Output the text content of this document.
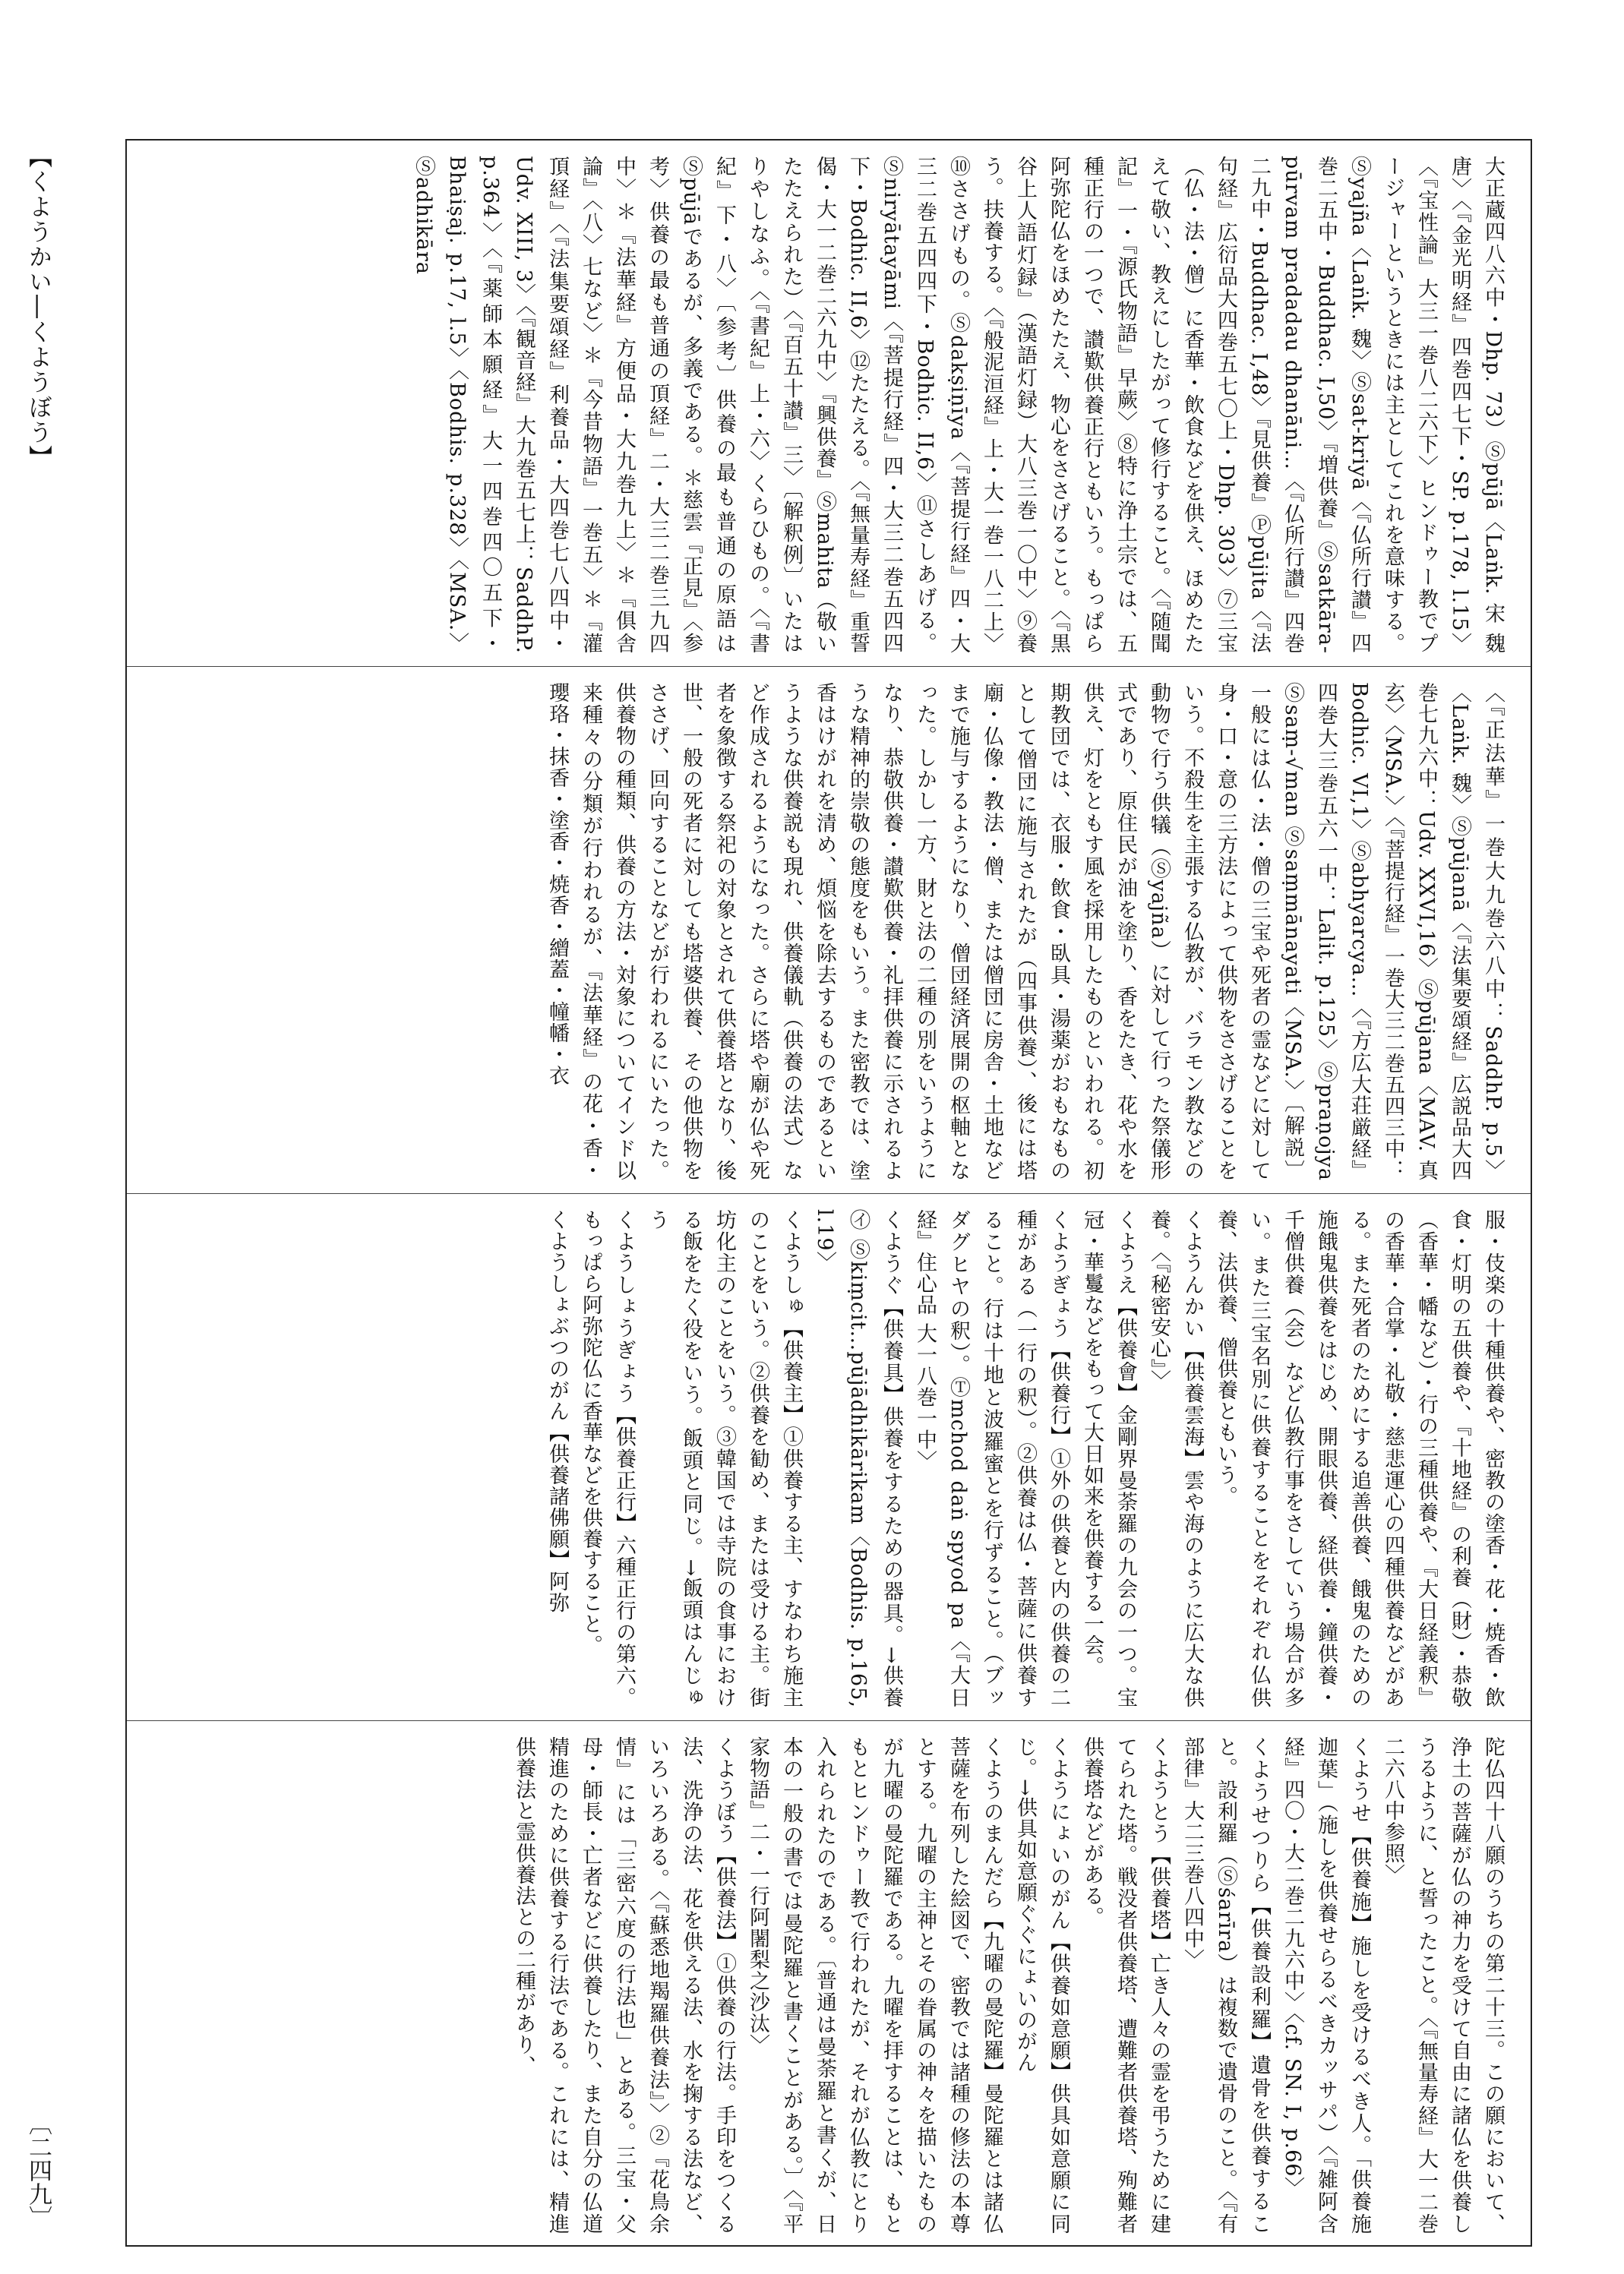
【くようかい―くようぼう】
〔二四九〕

大正蔵四八六中・Dhp. 73）Ⓢpūjā〈Laṅk. 宋 魏 唐〉〈『金光明経』四巻四七下・SP. p.178, l.15〉〈『宝性論』大三一巻八二六下〉ヒンドゥー教でプージャーというときには主としてこれを意味する。Ⓢyajña〈Laṅk. 魏〉Ⓢsat-kriyā〈『仏所行讃』四巻二五中・Buddhac. I,50〉『増供養』Ⓢsatkāra-pūrvam pradadau dhanāni…〈『仏所行讃』四巻二九中・Buddhac. I,48〉『見供養』Ⓟpūjita〈『法句経』広衍品大四巻五七〇上・Dhp. 303〉⑦三宝（仏・法・僧）に香華・飲食などを供え、ほめたたえて敬い、教えにしたがって修行すること。〈『随聞記』一・『源氏物語』早蕨〉⑧特に浄土宗では、五種正行の一つで、讃歎供養正行ともいう。もっぱら阿弥陀仏をほめたたえ、物心をささげること。〈『黒谷上人語灯録』（漢語灯録）大八三巻一〇中〉⑨養う。扶養する。〈『般泥洹経』上・大一巻一八二上〉⑩ささげもの。Ⓢdakṣiṇīya〈『菩提行経』四・大三二巻五四四下・Bodhic. II,6〉⑪さしあげる。Ⓢniryātayāmi〈『菩提行経』四・大三二巻五四四下・Bodhic. II,6〉⑫たたえる。〈『無量寿経』重誓偈・大一二巻二六九中〉『興供養』Ⓢmahita（敬いたたえられた）〈『百五十讃』三〉〔解釈例〕いたはりやしなふ。〈『書紀』上・六〉くらひもの。〈『書紀』下・八〉〔参考〕供養の最も普通の原語はⓈpūjāであるが、多義である。＊慈雲『正見』〈参考〉供養の最も普通の頂経』二・大三二巻三九四中〉＊『法華経』方便品・大九巻九上〉＊『俱舎論』〈八〉七など〉＊『今昔物語』一巻五〉＊『灌頂経』〈『法集要頌経』利養品・大四巻七八四中・Udv. XIII, 3〉〈『観音経』大九巻五七上：SaddhP. p.364〉〈『薬師本願経』大一四巻四〇五下・Bhaiṣaj. p.17, l.5〉〈Bodhis. p.328〉〈MSA.〉Ⓢadhikāra

〈『正法華』一巻大九巻六八中：SaddhP. p.5〉〈Laṅk. 魏〉Ⓢpūjanā〈『法集要頌経』広説品大四巻七九六中：Udv. XXVI,16〉Ⓢpūjana〈MAV. 真 玄〉〈MSA.〉〈『菩提行経』一巻大三二巻五四三中：Bodhic. VI,1〉Ⓢabhyarcya…〈『方広大荘厳経』四巻大三巻五六一中：Lalit. p.125〉Ⓢpraṇojya Ⓢsaṃ-√man Ⓢsaṃmānayati〈MSA.〉〔解説〕一般には仏・法・僧の三宝や死者の霊などに対して身・口・意の三方法によって供物をささげることをいう。不殺生を主張する仏教が、バラモン教などの動物で行う供犠（Ⓢyajña）に対して行った祭儀形式であり、原住民が油を塗り、香をたき、花や水を供え、灯をともす風を採用したものといわれる。初期教団では、衣服・飲食・臥具・湯薬がおもなものとして僧団に施与されたが（四事供養）、後には塔廟・仏像・教法・僧、または僧団に房舎・土地などまで施与するようになり、僧団経済展開の枢軸となった。しかし一方、財と法の二種の別をいうようになり、恭敬供養・讃歎供養・礼拝供養に示されるような精神的崇敬の態度をもいう。また密教では、塗香はけがれを清め、煩悩を除去するものであるというような供養説も現れ、供養儀軌（供養の法式）など作成されるようになった。さらに塔や廟が仏や死者を象徴する祭祀の対象とされて供養塔となり、後世、一般の死者に対しても塔婆供養、その他供物をささげ、回向することなどが行われるにいたった。供養物の種類、供養の方法・対象についてインド以来種々の分類が行われるが、『法華経』の花・香・瓔珞・抹香・塗香・焼香・繒蓋・幢幡・衣

服・伎楽の十種供養や、密教の塗香・花・焼香・飲食・灯明の五供養や、『十地経』の利養（財）・恭敬（香華・幡など）・行の三種供養や、『大日経義釈』の香華・合掌・礼敬・慈悲運心の四種供養などがある。また死者のためにする追善供養、餓鬼のための施餓鬼供養をはじめ、開眼供養、経供養・鐘供養・千僧供養（会）など仏教行事をさしていう場合が多い。また三宝名別に供養することをそれぞれ仏供養、法供養、僧供養ともいう。

くようんかい【供養雲海】雲や海のように広大な供養。〈『秘密安心』〉

くようえ【供養會】金剛界曼荼羅の九会の一つ。宝冠・華鬘などをもって大日如来を供養する一会。

くようぎょう【供養行】①外の供養と内の供養の二種がある（一行の釈）。②供養は仏・菩薩に供養すること。行は十地と波羅蜜とを行ずること。（ブッダグヒヤの釈）。Ⓣmchod daṅ spyod pa〈『大日経』住心品 大一八巻一中〉

くようぐ【供養具】供養をするための器具。→供養 ㋑ Ⓢkiṃcit…pūjādhikārikam〈Bodhis. p.165, l.19〉

くようしゅ【供養主】①供養する主、すなわち施主のことをいう。②供養を勧め、または受ける主。街坊化主のことをいう。③韓国では寺院の食事における飯をたく役をいう。飯頭と同じ。→飯頭はんじゅう

くようしょうぎょう【供養正行】六種正行の第六。もっぱら阿弥陀仏に香華などを供養すること。

くようしょぶつのがん【供養諸佛願】阿弥

陀仏四十八願のうちの第二十三。この願において、浄土の菩薩が仏の神力を受けて自由に諸仏を供養しうるように、と誓ったこと。〈『無量寿経』大一二巻二六八中参照〉

くようせ【供養施】施しを受けるべき人。「供養施迦葉」（施しを供養せらるべきカッサパ）〈『雑阿含経』四〇・大二巻二九六中〉〈cf. SN. I, p.66〉

くようせつりら【供養設利羅】遺骨を供養すること。設利羅（Ⓢśarīra）は複数で遺骨のこと。〈『有部律』大二三巻八四中〉

くようとう【供養塔】亡き人々の霊を弔うために建てられた塔。戦没者供養塔、遭難者供養塔、殉難者供養塔などがある。

くようにょいのがん【供養如意願】供具如意願に同じ。→供具如意願ぐぐにょいのがん

くようのまんだら【九曜の曼陀羅】曼陀羅とは諸仏菩薩を布列した絵図で、密教では諸種の修法の本尊とする。九曜の主神とその眷属の神々を描いたものが九曜の曼陀羅である。九曜を拝することは、もともとヒンドゥー教で行われたが、それが仏教にとり入れられたのである。〔普通は曼荼羅と書くが、日本の一般の書では曼陀羅と書くことがある。〕〈『平家物語』二・一行阿闍梨之沙汰〉

くようぼう【供養法】①供養の行法。手印をつくる法、洗浄の法、花を供える法、水を掬する法など、いろいろある。〈『蘇悉地羯羅供養法』〉②『花鳥余情』には「三密六度の行法也」とある。三宝・父母・師長・亡者などに供養したり、また自分の仏道精進のために供養する行法である。これには、精進供養法と霊供養法との二種があり、
